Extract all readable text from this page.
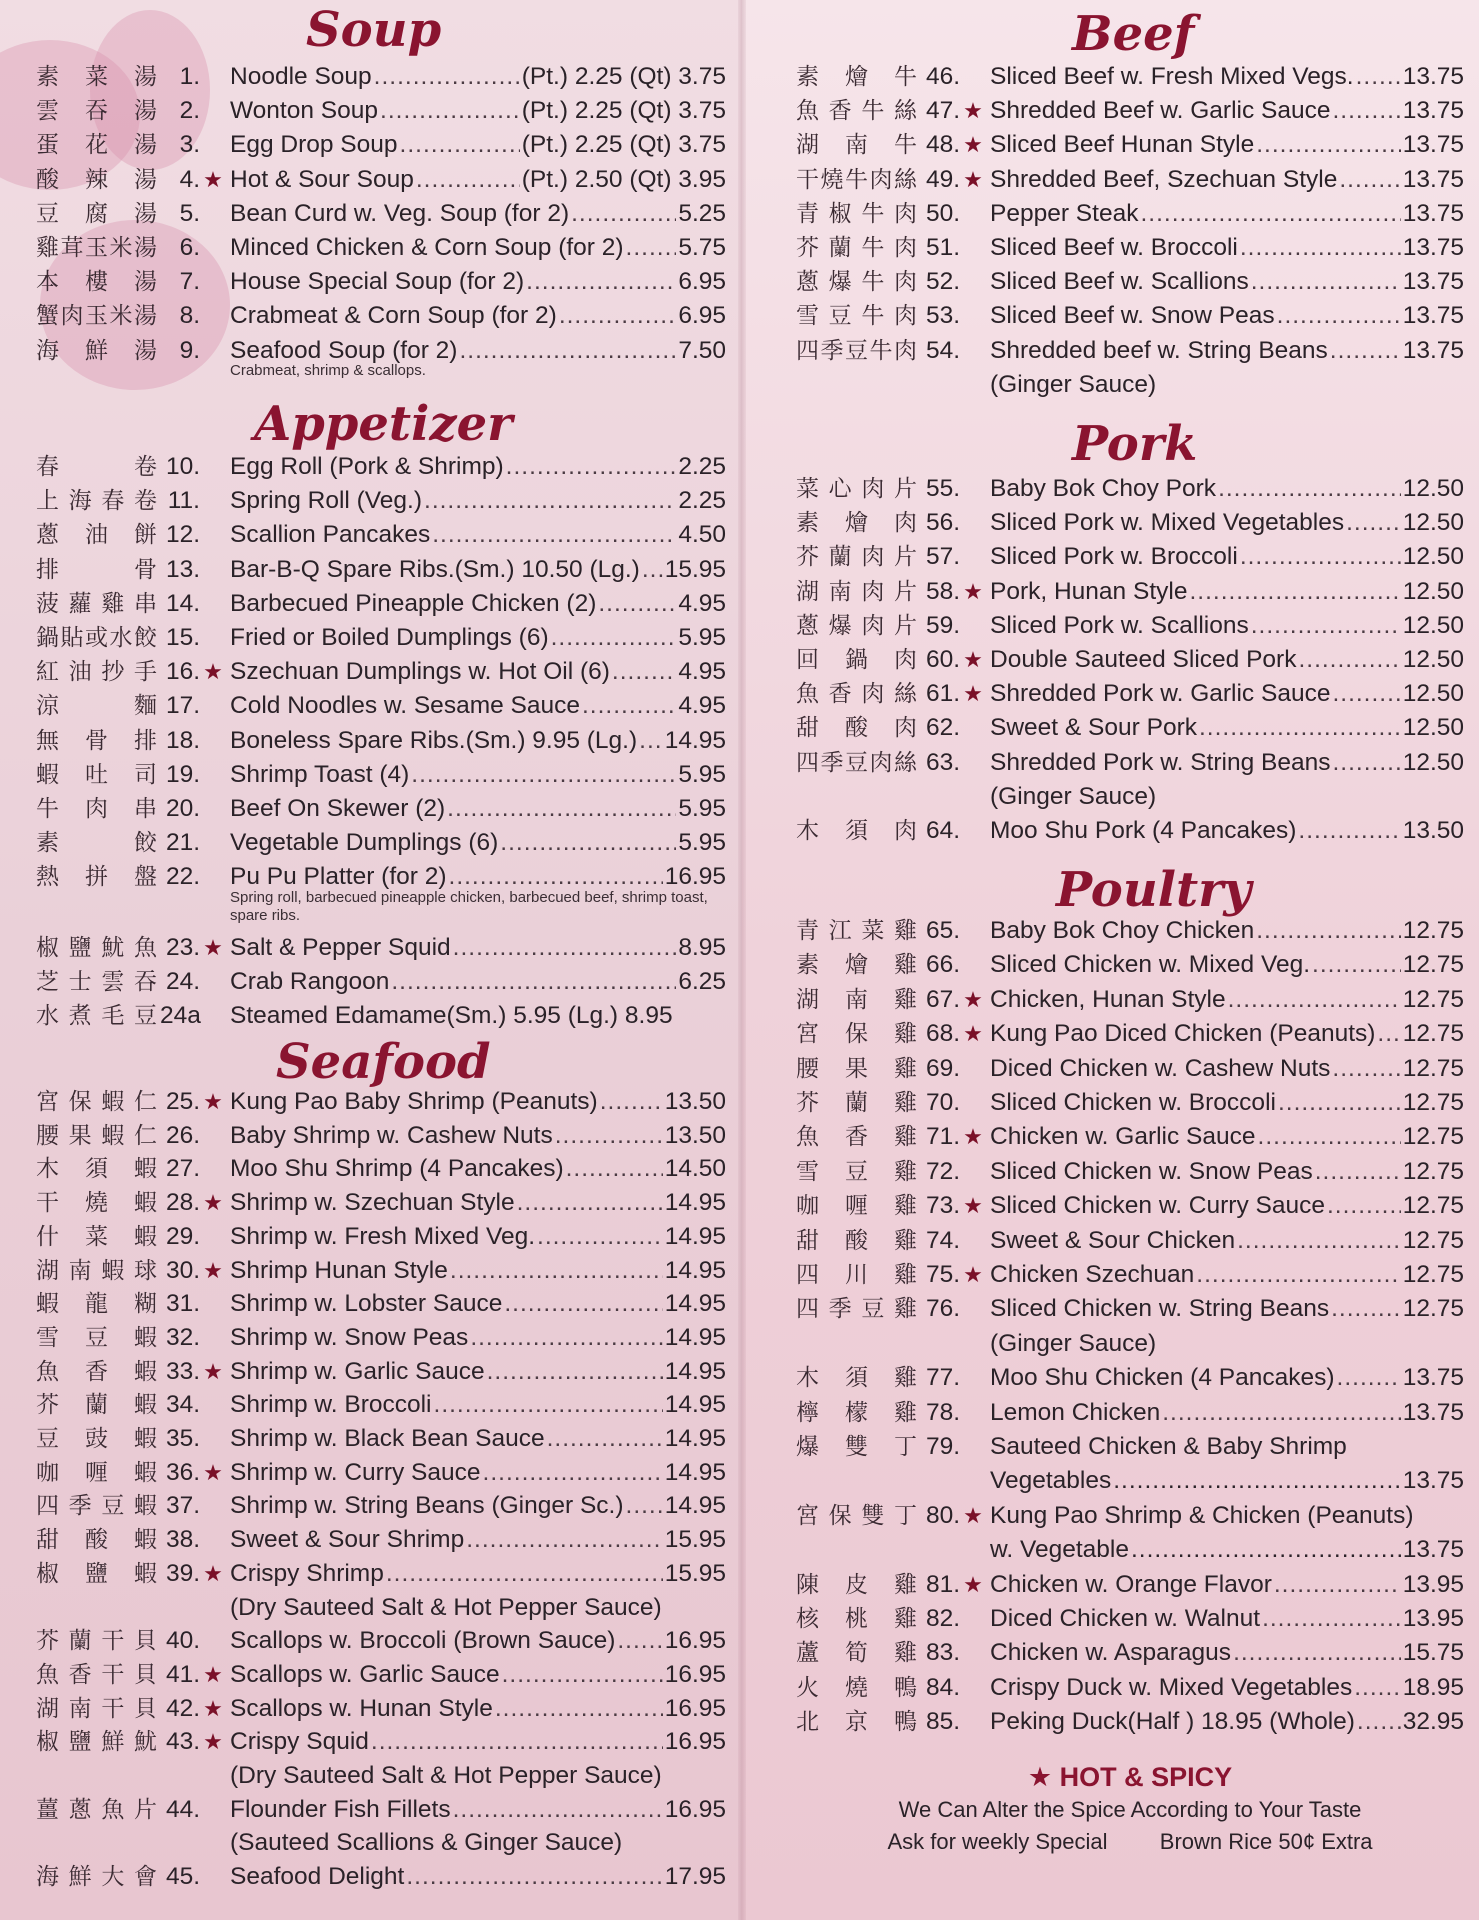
Soup
素菜湯 1. Noodle Soup .....	(Pt.) 2.25 (Qt) 3.75
雲吞湯 2. Wonton Soup .....	(Pt.) 2.25 (Qt) 3.75
蛋花湯 3. Egg Drop Soup .....	(Pt.) 2.25 (Qt) 3.75
酸辣湯 4. ★ Hot & Sour Soup .....	(Pt.) 2.50 (Qt) 3.95
豆腐湯 5. Bean Curd w. Veg. Soup (for 2) .....	5.25
雞茸玉米湯 6. Minced Chicken & Corn Soup (for 2) ..... 5.75
本樓湯 7. House Special Soup (for 2) .....	6.95
蟹肉玉米湯 8. Crabmeat & Corn Soup (for 2) .....	6.95
海鮮湯 9. Seafood Soup (for 2) .....	7.50
Crabmeat, shrimp & scallops.
Appetizer
春卷 10. Egg Roll (Pork & Shrimp) .....	2.25
上海春卷 11. Spring Roll (Veg.) .....	2.25
蔥油餅 12. Scallion Pancakes .....	4.50
排骨 13. Bar-B-Q Spare Ribs.(Sm.) 10.50 (Lg.) ..... 15.95
菠蘿雞串 14. Barbecued Pineapple Chicken (2) .....	4.95
鍋貼或水餃 15. Fried or Boiled Dumplings (6) .....	5.95
紅油抄手 16. ★ Szechuan Dumplings w. Hot Oil (6) .....	4.95
涼麵 17. Cold Noodles w. Sesame Sauce .....	4.95
無骨排 18. Boneless Spare Ribs.(Sm.) 9.95 (Lg.) ..... 14.95
蝦吐司 19. Shrimp Toast (4) .....	5.95
牛肉串 20. Beef On Skewer (2) .....	5.95
素餃 21. Vegetable Dumplings (6) .....	5.95
熱拼盤 22. Pu Pu Platter (for 2) .....	16.95
Spring roll, barbecued pineapple chicken, barbecued beef, shrimp toast, spare ribs.
椒鹽魷魚 23. ★ Salt & Pepper Squid .....	8.95
芝士雲吞 24. Crab Rangoon .....	6.25
水煮毛豆 24a Steamed Edamame(Sm.) 5.95 (Lg.) 8.95
Seafood
宮保蝦仁 25. ★ Kung Pao Baby Shrimp (Peanuts) .....	13.50
腰果蝦仁 26. Baby Shrimp w. Cashew Nuts .....	13.50
木須蝦 27. Moo Shu Shrimp (4 Pancakes) .....	14.50
干燒蝦 28. ★ Shrimp w. Szechuan Style .....	14.95
什菜蝦 29. Shrimp w. Fresh Mixed Veg. .....	14.95
湖南蝦球 30. ★ Shrimp Hunan Style .....	14.95
蝦龍糊 31. Shrimp w. Lobster Sauce .....	14.95
雪豆蝦 32. Shrimp w. Snow Peas .....	14.95
魚香蝦 33. ★ Shrimp w. Garlic Sauce .....	14.95
芥蘭蝦 34. Shrimp w. Broccoli .....	14.95
豆豉蝦 35. Shrimp w. Black Bean Sauce .....	14.95
咖喱蝦 36. ★ Shrimp w. Curry Sauce .....	14.95
四季豆蝦 37. Shrimp w. String Beans (Ginger Sc.) ..... 14.95
甜酸蝦 38. Sweet & Sour Shrimp .....	15.95
椒鹽蝦 39. ★ Crispy Shrimp .....	15.95
(Dry Sauteed Salt & Hot Pepper Sauce)
芥蘭干貝 40. Scallops w. Broccoli (Brown Sauce) ..... 16.95
魚香干貝 41. ★ Scallops w. Garlic Sauce .....	16.95
湖南干貝 42. ★ Scallops w. Hunan Style .....	16.95
椒鹽鮮魷 43. ★ Crispy Squid .....	16.95
(Dry Sauteed Salt & Hot Pepper Sauce)
薑蔥魚片 44. Flounder Fish Fillets .....	16.95
(Sauteed Scallions & Ginger Sauce)
海鮮大會 45. Seafood Delight .....	17.95
Beef
素燴牛 46. Sliced Beef w. Fresh Mixed Vegs. ..... 13.75
魚香牛絲 47. ★ Shredded Beef w. Garlic Sauce .....	13.75
湖南牛 48. ★ Sliced Beef Hunan Style .....	13.75
干燒牛肉絲 49. ★ Shredded Beef, Szechuan Style .....	13.75
青椒牛肉 50. Pepper Steak .....	13.75
芥蘭牛肉 51. Sliced Beef w. Broccoli .....	13.75
蔥爆牛肉 52. Sliced Beef w. Scallions .....	13.75
雪豆牛肉 53. Sliced Beef w. Snow Peas .....	13.75
四季豆牛肉 54. Shredded beef w. String Beans .....	13.75
(Ginger Sauce)
Pork
菜心肉片 55. Baby Bok Choy Pork .....	12.50
素燴肉 56. Sliced Pork w. Mixed Vegetables ..... 12.50
芥蘭肉片 57. Sliced Pork w. Broccoli .....	12.50
湖南肉片 58. ★ Pork, Hunan Style .....	12.50
蔥爆肉片 59. Sliced Pork w. Scallions .....	12.50
回鍋肉 60. ★ Double Sauteed Sliced Pork .....	12.50
魚香肉絲 61. ★ Shredded Pork w. Garlic Sauce .....	12.50
甜酸肉 62. Sweet & Sour Pork .....	12.50
四季豆肉絲 63. Shredded Pork w. String Beans .....	12.50
(Ginger Sauce)
木須肉 64. Moo Shu Pork (4 Pancakes) .....	13.50
Poultry
青江菜雞 65. Baby Bok Choy Chicken .....	12.75
素燴雞 66. Sliced Chicken w. Mixed Veg. .....	12.75
湖南雞 67. ★ Chicken, Hunan Style .....	12.75
宮保雞 68. ★ Kung Pao Diced Chicken (Peanuts) ..... 12.75
腰果雞 69. Diced Chicken w. Cashew Nuts .....	12.75
芥蘭雞 70. Sliced Chicken w. Broccoli .....	12.75
魚香雞 71. ★ Chicken w. Garlic Sauce .....	12.75
雪豆雞 72. Sliced Chicken w. Snow Peas .....	12.75
咖喱雞 73. ★ Sliced Chicken w. Curry Sauce .....	12.75
甜酸雞 74. Sweet & Sour Chicken .....	12.75
四川雞 75. ★ Chicken Szechuan .....	12.75
四季豆雞 76. Sliced Chicken w. String Beans .....	12.75
(Ginger Sauce)
木須雞 77. Moo Shu Chicken (4 Pancakes) .....	13.75
檸檬雞 78. Lemon Chicken .....	13.75
爆雙丁 79. Sauteed Chicken & Baby Shrimp
Vegetables .....	13.75
宮保雙丁 80. ★ Kung Pao Shrimp & Chicken (Peanuts)
w. Vegetable .....	13.75
陳皮雞 81. ★ Chicken w. Orange Flavor .....	13.95
核桃雞 82. Diced Chicken w. Walnut .....	13.95
蘆筍雞 83. Chicken w. Asparagus .....	15.75
火燒鴨 84. Crispy Duck w. Mixed Vegetables ..... 18.95
北京鴨 85. Peking Duck(Half ) 18.95 (Whole) ..... 32.95
★ HOT & SPICY
We Can Alter the Spice According to Your Taste
Ask for weekly Special Brown Rice 50¢ Extra
